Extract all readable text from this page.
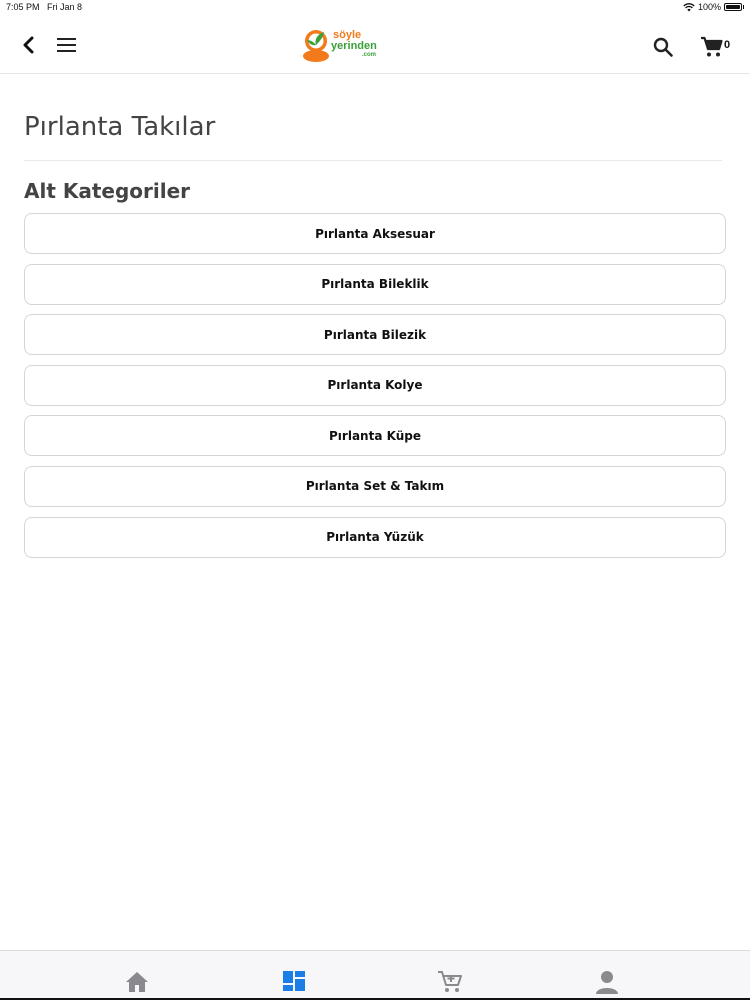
7:05 PM Fri Jan 8	100%
söyle
yerinden
.com
0
Pırlanta Takılar
Alt Kategoriler
Pırlanta Aksesuar
Pırlanta Bileklik
Pırlanta Bilezik
Pırlanta Kolye
Pırlanta Küpe
Pırlanta Set & Takım
Pırlanta Yüzük
